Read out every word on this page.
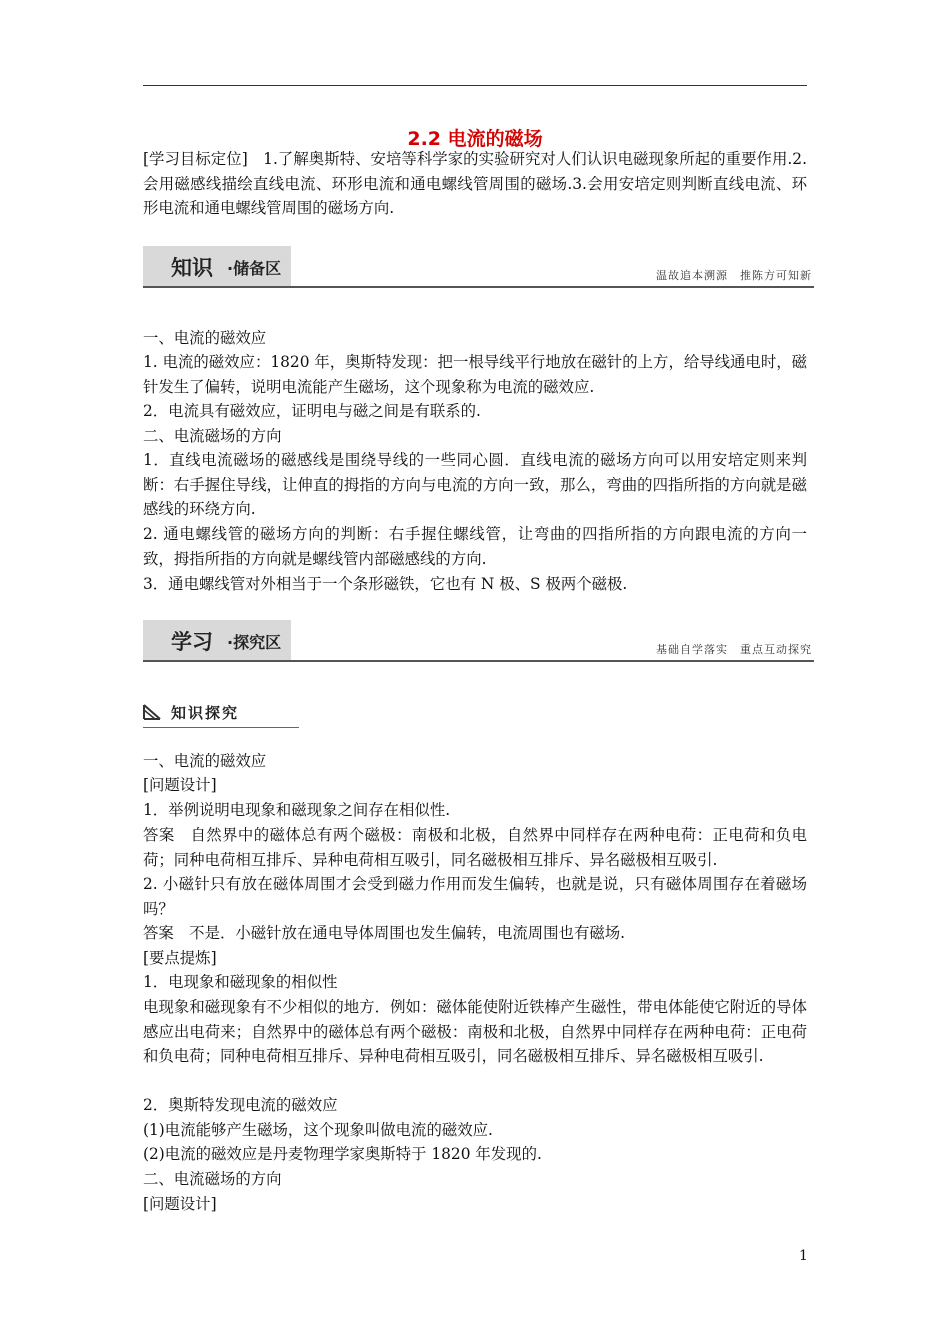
2.2 电流的磁场

[学习目标定位]　1.了解奥斯特、安培等科学家的实验研究对人们认识电磁现象所起的重要作用.2.会用磁感线描绘直线电流、环形电流和通电螺线管周围的磁场.3.会用安培定则判断直线电流、环形电流和通电螺线管周围的磁场方向.

知识 ·储备区	温故追本溯源　推陈方可知新

一、电流的磁效应

1. 电流的磁效应：1820 年，奥斯特发现：把一根导线平行地放在磁针的上方，给导线通电时，磁针发生了偏转，说明电流能产生磁场，这个现象称为电流的磁效应.

2．电流具有磁效应，证明电与磁之间是有联系的.

二、电流磁场的方向

1．直线电流磁场的磁感线是围绕导线的一些同心圆．直线电流的磁场方向可以用安培定则来判断：右手握住导线，让伸直的拇指的方向与电流的方向一致，那么，弯曲的四指所指的方向就是磁感线的环绕方向.

2. 通电螺线管的磁场方向的判断：右手握住螺线管，让弯曲的四指所指的方向跟电流的方向一致，拇指所指的方向就是螺线管内部磁感线的方向.

3．通电螺线管对外相当于一个条形磁铁，它也有 N 极、S 极两个磁极.

学习 ·探究区	基础自学落实　重点互动探究
知识探究

一、电流的磁效应

[问题设计]

1．举例说明电现象和磁现象之间存在相似性.

答案　自然界中的磁体总有两个磁极：南极和北极，自然界中同样存在两种电荷：正电荷和负电荷；同种电荷相互排斥、异种电荷相互吸引，同名磁极相互排斥、异名磁极相互吸引.

2. 小磁针只有放在磁体周围才会受到磁力作用而发生偏转，也就是说，只有磁体周围存在着磁场吗？

答案　不是．小磁针放在通电导体周围也发生偏转，电流周围也有磁场.

[要点提炼]

1．电现象和磁现象的相似性

电现象和磁现象有不少相似的地方．例如：磁体能使附近铁棒产生磁性，带电体能使它附近的导体感应出电荷来；自然界中的磁体总有两个磁极：南极和北极，自然界中同样存在两种电荷：正电荷和负电荷；同种电荷相互排斥、异种电荷相互吸引，同名磁极相互排斥、异名磁极相互吸引.

2．奥斯特发现电流的磁效应

(1)电流能够产生磁场，这个现象叫做电流的磁效应.

(2)电流的磁效应是丹麦物理学家奥斯特于 1820 年发现的.

二、电流磁场的方向

[问题设计]

1
